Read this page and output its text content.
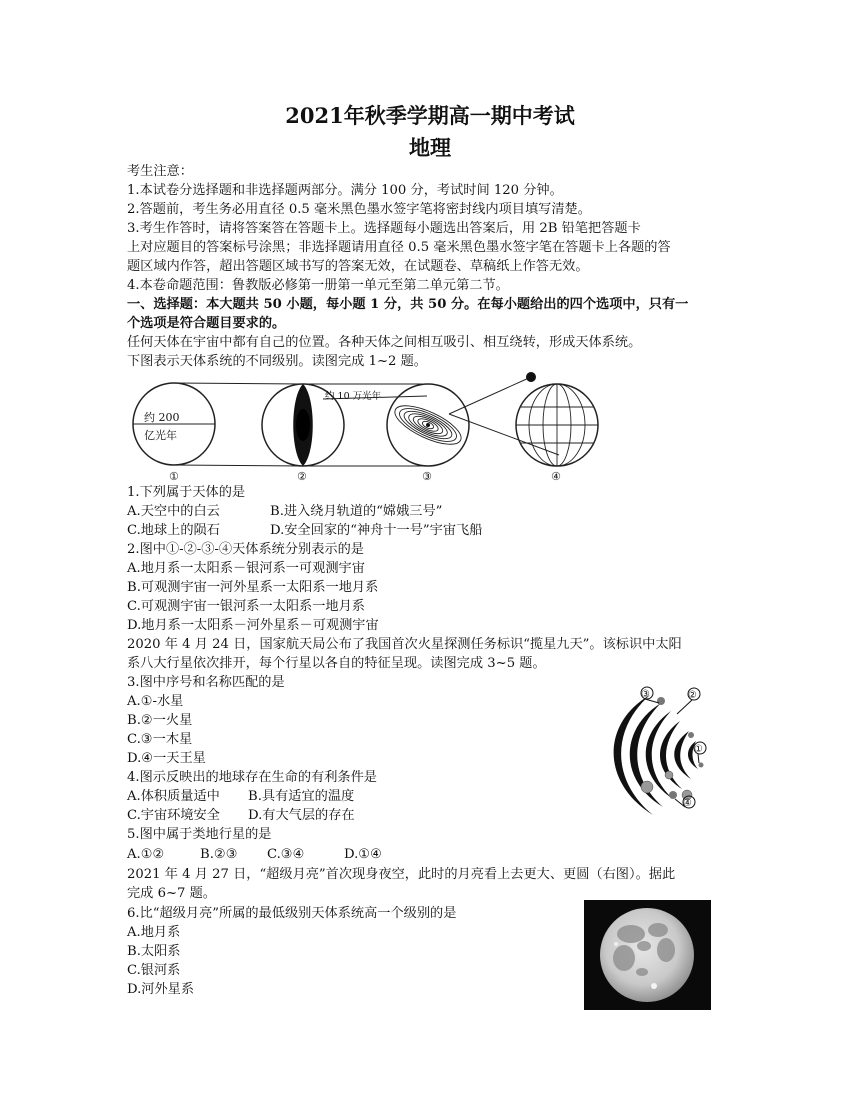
2021年秋季学期高一期中考试
地理
考生注意：
1.本试卷分选择题和非选择题两部分。满分 100 分，考试时间 120 分钟。
2.答题前，考生务必用直径 0.5 毫米黑色墨水签字笔将密封线内项目填写清楚。
3.考生作答时，请将答案答在答题卡上。选择题每小题选出答案后，用 2B 铅笔把答题卡
上对应题目的答案标号涂黑；非选择题请用直径 0.5 毫米黑色墨水签字笔在答题卡上各题的答
题区域内作答，超出答题区域书写的答案无效，在试题卷、草稿纸上作答无效。
4.本卷命题范围：鲁教版必修第一册第一单元至第二单元第二节。
一、选择题：本大题共 50 小题，每小题 1 分，共 50 分。在每小题给出的四个选项中，只有一
个选项是符合题目要求的。
任何天体在宇宙中都有自己的位置。各种天体之间相互吸引、相互绕转，形成天体系统。
下图表示天体系统的不同级别。读图完成 1~2 题。
约 200
亿光年
约 10 万光年
①	②	③	④
1.下列属于天体的是
A.天空中的白云	B.进入绕月轨道的“嫦娥三号”
C.地球上的陨石	D.安全回家的“神舟十一号”宇宙飞船
2.图中①-②-③-④天体系统分别表示的是
A.地月系一太阳系－银河系一可观测宇宙
B.可观测宇宙一河外星系一太阳系一地月系
C.可观测宇宙一银河系一太阳系一地月系
D.地月系一太阳系－河外星系－可观测宇宙
2020 年 4 月 24 日，国家航天局公布了我国首次火星探测任务标识“揽星九天”。该标识中太阳
系八大行星依次排开，每个行星以各自的特征呈现。读图完成 3~5 题。
3.图中序号和名称匹配的是
A.①-水星
B.②一火星
C.③一木星
D.④一天王星
③	②
①
④
4.图示反映出的地球存在生命的有利条件是
A.体积质量适中 B.具有适宜的温度
C.宇宙环境安全 D.有大气层的存在
5.图中属于类地行星的是
A.①②	B.②③ C.③④	D.①④
2021 年 4 月 27 日，“超级月亮”首次现身夜空，此时的月亮看上去更大、更圆（右图）。据此
完成 6~7 题。
6.比“超级月亮”所属的最低级别天体系统高一个级别的是
A.地月系
B.太阳系
C.银河系
D.河外星系
